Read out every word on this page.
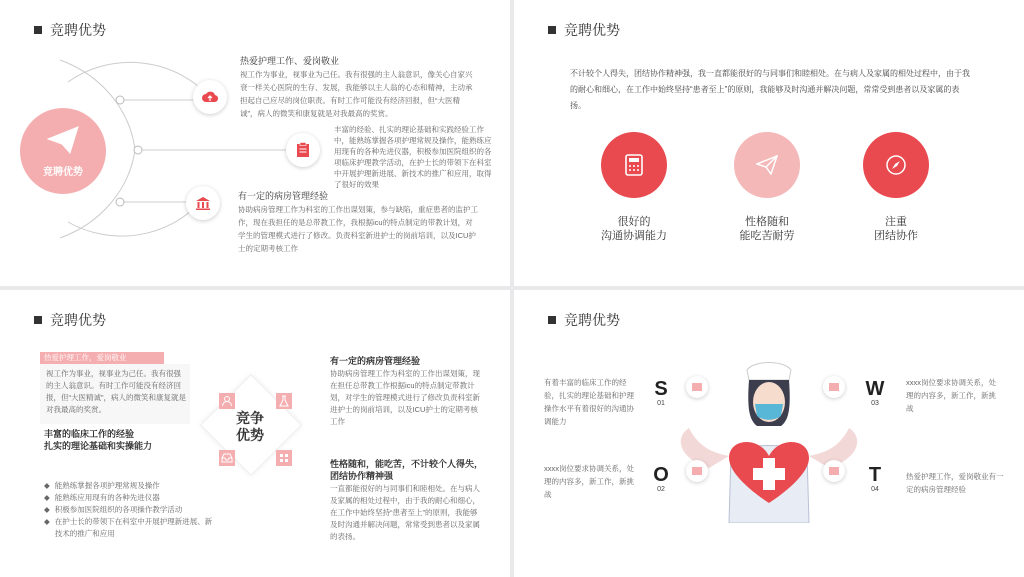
竞聘优势
竞聘优势
热爱护理工作、爱岗敬业
视工作为事业，视事业为己任。我有很强的主人翁意识，像关心自家兴衰一样关心医院的生存、发展，我能够以主人翁的心态和精神，主动承担起自己应尽的岗位职责。有时工作可能没有经济回报，但“大医精诚”，病人的微笑和康复就是对我最高的奖赏。
丰富的经验、扎实的理论基础和实践经验工作中，能熟练掌握各项护理常规及操作，能熟练应用现有的各种先进仪器，积极参加医院组织的各项临床护理教学活动，在护士长的带领下在科室中开展护理新进展、新技术的推广和应用，取得了很好的效果
有一定的病房管理经验
协助病房管理工作为科室的工作出谋划策，参与缺陷，重症患者的监护工作，现在我担任的是总带教工作，我根据icu的特点制定的带教计划，对学生的管理模式进行了修改。负责科室新进护士的岗前培训，以及ICU护士的定期考核工作
竞聘优势
不计较个人得失，团结协作精神强，我一直都能很好的与同事们和睦相处。在与病人及家属的相处过程中，由于我的耐心和细心，在工作中始终坚持“患者至上”的原则，我能够及时沟通并解决问题，常常受到患者以及家属的表扬。
很好的
沟通协调能力
性格随和
能吃苦耐劳
注重
团结协作
竞聘优势
热爱护理工作，爱岗敬业
视工作为事业，视事业为己任。我有很强的主人翁意识。有时工作可能没有经济回报，但“大医精诚”，病人的微笑和康复就是对我最高的奖赏。
竞争
优势
有一定的病房管理经验
协助病房管理工作为科室的工作出谋划策，现在担任总带教工作根据icu的特点制定带教计划，对学生的管理模式进行了修改负责科室新进护士的岗前培训，以及ICU护士的定期考核工作
丰富的临床工作的经验
扎实的理论基础和实操能力
◆ 能熟练掌握各项护理常规及操作
◆ 能熟练应用现有的各种先进仪器
◆ 积极参加医院组织的各项操作教学活动
◆ 在护士长的带领下在科室中开展护理新进展、新技术的推广和应用
性格随和，能吃苦，不计较个人得失，
团结协作精神强
一直都能很好的与同事们和睦相处。在与病人及家属的相处过程中，由于我的耐心和细心，在工作中始终坚持“患者至上”的原则，我能够及时沟通并解决问题，常常受到患者以及家属的表扬。
竞聘优势
S
01
W
03
O
02
T
04
有着丰富的临床工作的经验，扎实的理论基础和护理操作水平有着很好的沟通协调能力
xxxx岗位要求协调关系，处理的内容多，新工作，新挑战
xxxx岗位要求协调关系，处理的内容多，新工作，新挑战
热爱护理工作，爱岗敬业有一定的病房管理经验
